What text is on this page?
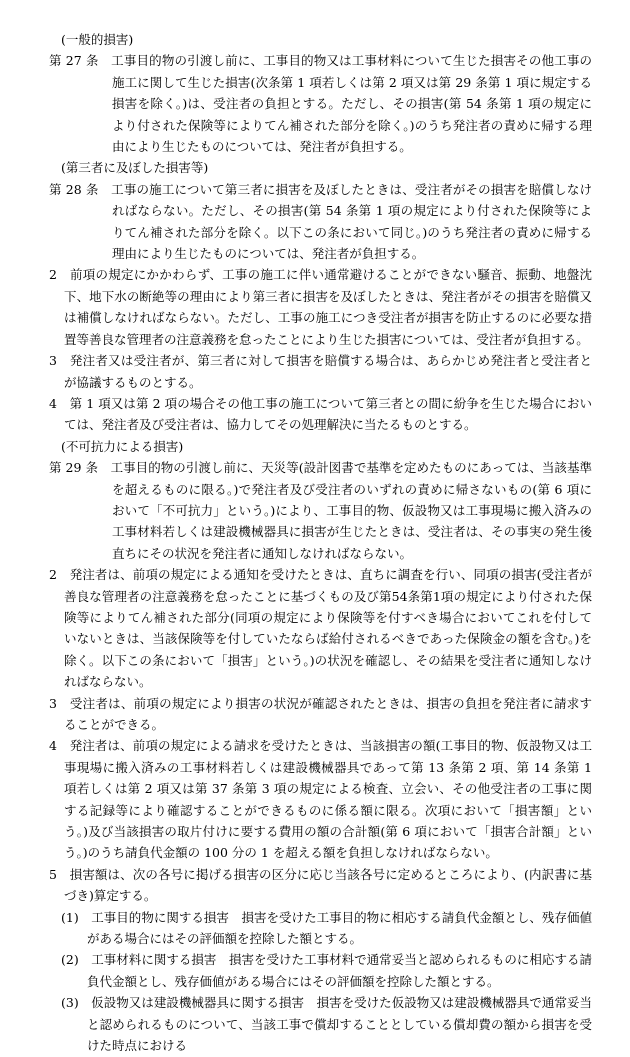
(一般的損害)

第 27 条　工事目的物の引渡し前に、工事目的物又は工事材料について生じた損害その他工事の施工に関して生じた損害(次条第 1 項若しくは第 2 項又は第 29 条第 1 項に規定する損害を除く。)は、受注者の負担とする。ただし、その損害(第 54 条第 1 項の規定により付された保険等によりてん補された部分を除く。)のうち発注者の責めに帰する理由により生じたものについては、発注者が負担する。

(第三者に及ぼした損害等)

第 28 条　工事の施工について第三者に損害を及ぼしたときは、受注者がその損害を賠償しなければならない。ただし、その損害(第 54 条第 1 項の規定により付された保険等によりてん補された部分を除く。以下この条において同じ。)のうち発注者の責めに帰する理由により生じたものについては、発注者が負担する。

2　前項の規定にかかわらず、工事の施工に伴い通常避けることができない騒音、振動、地盤沈下、地下水の断絶等の理由により第三者に損害を及ぼしたときは、発注者がその損害を賠償又は補償しなければならない。ただし、工事の施工につき受注者が損害を防止するのに必要な措置等善良な管理者の注意義務を怠ったことにより生じた損害については、受注者が負担する。

3　発注者又は受注者が、第三者に対して損害を賠償する場合は、あらかじめ発注者と受注者とが協議するものとする。

4　第 1 項又は第 2 項の場合その他工事の施工について第三者との間に紛争を生じた場合においては、発注者及び受注者は、協力してその処理解決に当たるものとする。

(不可抗力による損害)

第 29 条　工事目的物の引渡し前に、天災等(設計図書で基準を定めたものにあっては、当該基準を超えるものに限る。)で発注者及び受注者のいずれの責めに帰さないもの(第 6 項において「不可抗力」という。)により、工事目的物、仮設物又は工事現場に搬入済みの工事材料若しくは建設機械器具に損害が生じたときは、受注者は、その事実の発生後直ちにその状況を発注者に通知しなければならない。

2　発注者は、前項の規定による通知を受けたときは、直ちに調査を行い、同項の損害(受注者が善良な管理者の注意義務を怠ったことに基づくもの及び第54条第1項の規定により付された保険等によりてん補された部分(同項の規定により保険等を付すべき場合においてこれを付していないときは、当該保険等を付していたならば給付されるべきであった保険金の額を含む。)を除く。以下この条において「損害」という。)の状況を確認し、その結果を受注者に通知しなければならない。

3　受注者は、前項の規定により損害の状況が確認されたときは、損害の負担を発注者に請求することができる。

4　発注者は、前項の規定による請求を受けたときは、当該損害の額(工事目的物、仮設物又は工事現場に搬入済みの工事材料若しくは建設機械器具であって第 13 条第 2 項、第 14 条第 1 項若しくは第 2 項又は第 37 条第 3 項の規定による検査、立会い、その他受注者の工事に関する記録等により確認することができるものに係る額に限る。次項において「損害額」という。)及び当該損害の取片付けに要する費用の額の合計額(第 6 項において「損害合計額」という。)のうち請負代金額の 100 分の 1 を超える額を負担しなければならない。

5　損害額は、次の各号に掲げる損害の区分に応じ当該各号に定めるところにより、(内訳書に基づき)算定する。

(1)　工事目的物に関する損害　損害を受けた工事目的物に相応する請負代金額とし、残存価値がある場合にはその評価額を控除した額とする。

(2)　工事材料に関する損害　損害を受けた工事材料で通常妥当と認められるものに相応する請負代金額とし、残存価値がある場合にはその評価額を控除した額とする。

(3)　仮設物又は建設機械器具に関する損害　損害を受けた仮設物又は建設機械器具で通常妥当と認められるものについて、当該工事で償却することとしている償却費の額から損害を受けた時点における
